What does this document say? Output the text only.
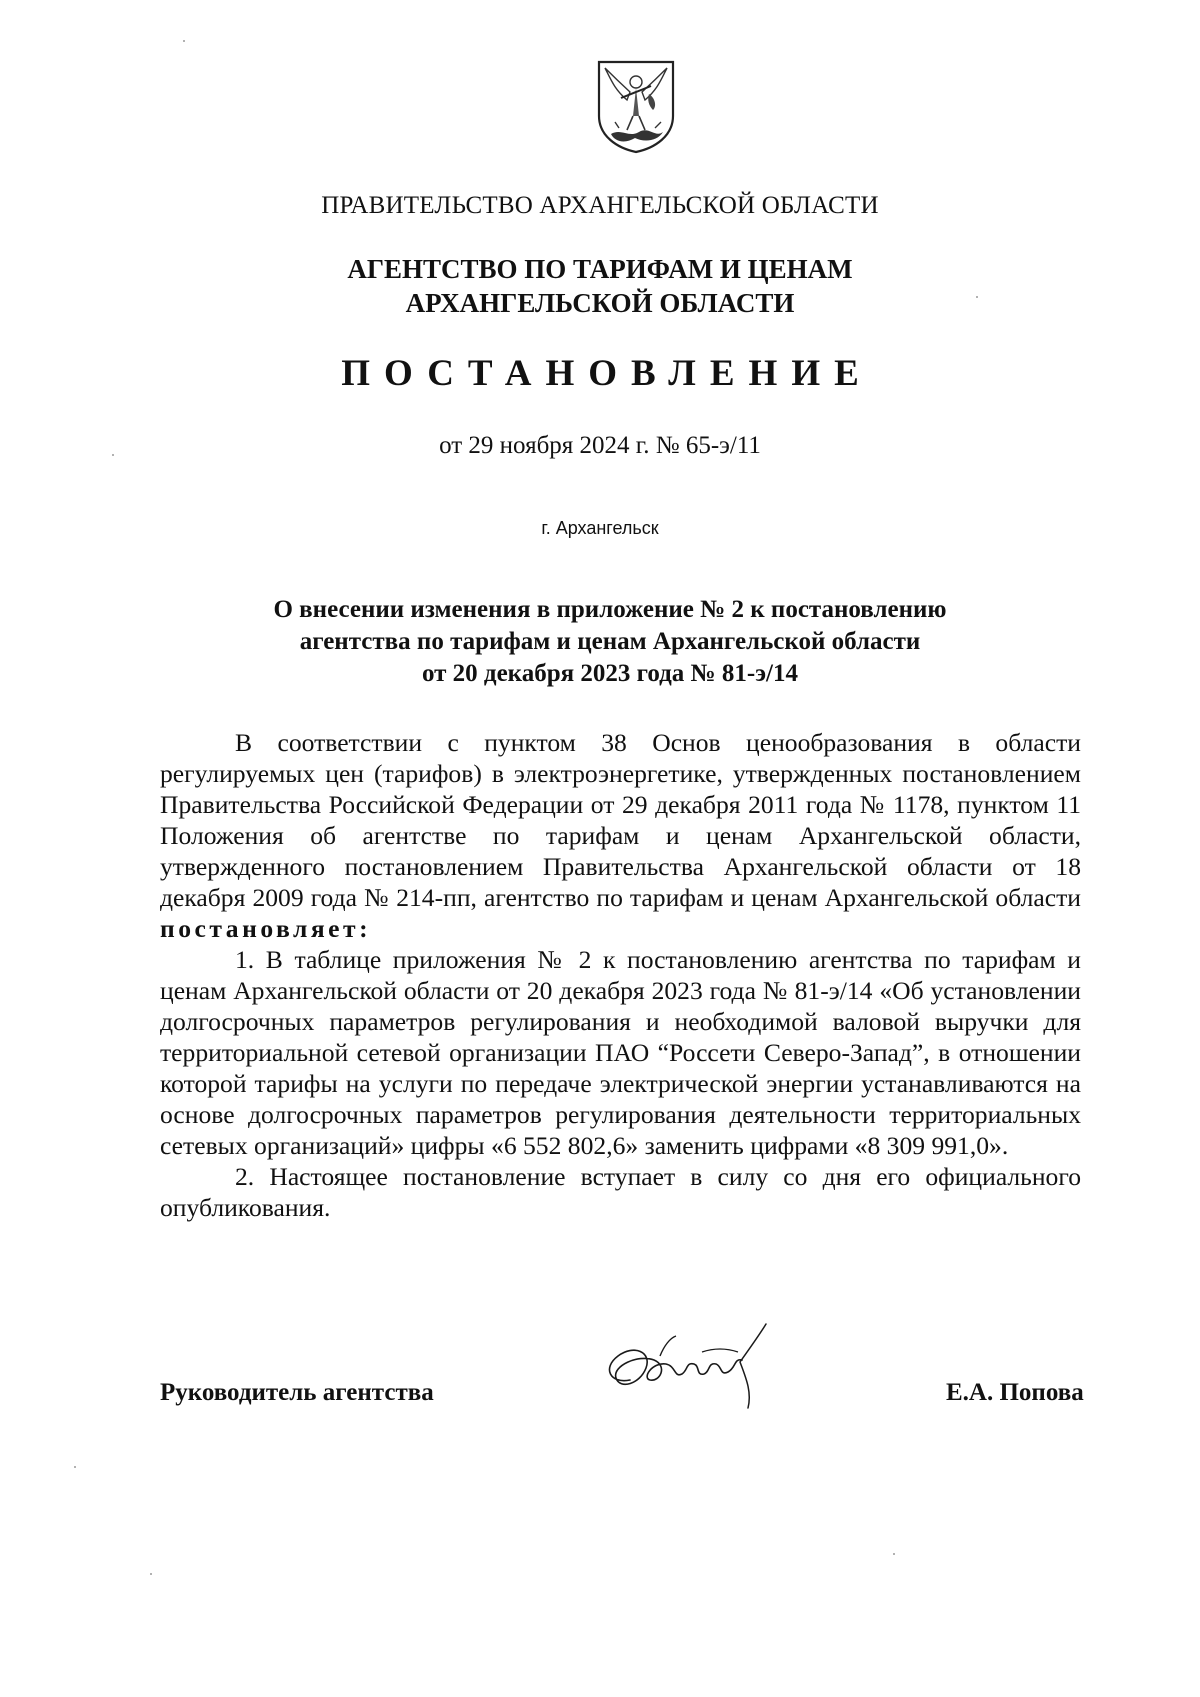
ПРАВИТЕЛЬСТВО АРХАНГЕЛЬСКОЙ ОБЛАСТИ
АГЕНТСТВО ПО ТАРИФАМ И ЦЕНАМ
АРХАНГЕЛЬСКОЙ ОБЛАСТИ
ПОСТАНОВЛЕНИЕ
от 29 ноября 2024 г. № 65-э/11
г. Архангельск
О внесении изменения в приложение № 2 к постановлению
агентства по тарифам и ценам Архангельской области
от 20 декабря 2023 года № 81-э/14

В соответствии с пунктом 38 Основ ценообразования в области регулируемых цен (тарифов) в электроэнергетике, утвержденных постановлением Правительства Российской Федерации от 29 декабря 2011 года № 1178, пунктом 11 Положения об агентстве по тарифам и ценам Архангельской области, утвержденного постановлением Правительства Архангельской области от 18 декабря 2009 года № 214-пп, агентство по тарифам и ценам Архангельской области постановляет:

1. В таблице приложения № 2 к постановлению агентства по тарифам и ценам Архангельской области от 20 декабря 2023 года № 81-э/14 «Об установлении долгосрочных параметров регулирования и необходимой валовой выручки для территориальной сетевой организации ПАО “Россети Северо-Запад”, в отношении которой тарифы на услуги по передаче электрической энергии устанавливаются на основе долгосрочных параметров регулирования деятельности территориальных сетевых организаций» цифры «6 552 802,6» заменить цифрами «8 309 991,0».

2. Настоящее постановление вступает в силу со дня его официального опубликования.

Руководитель агентства	Е.А. Попова
